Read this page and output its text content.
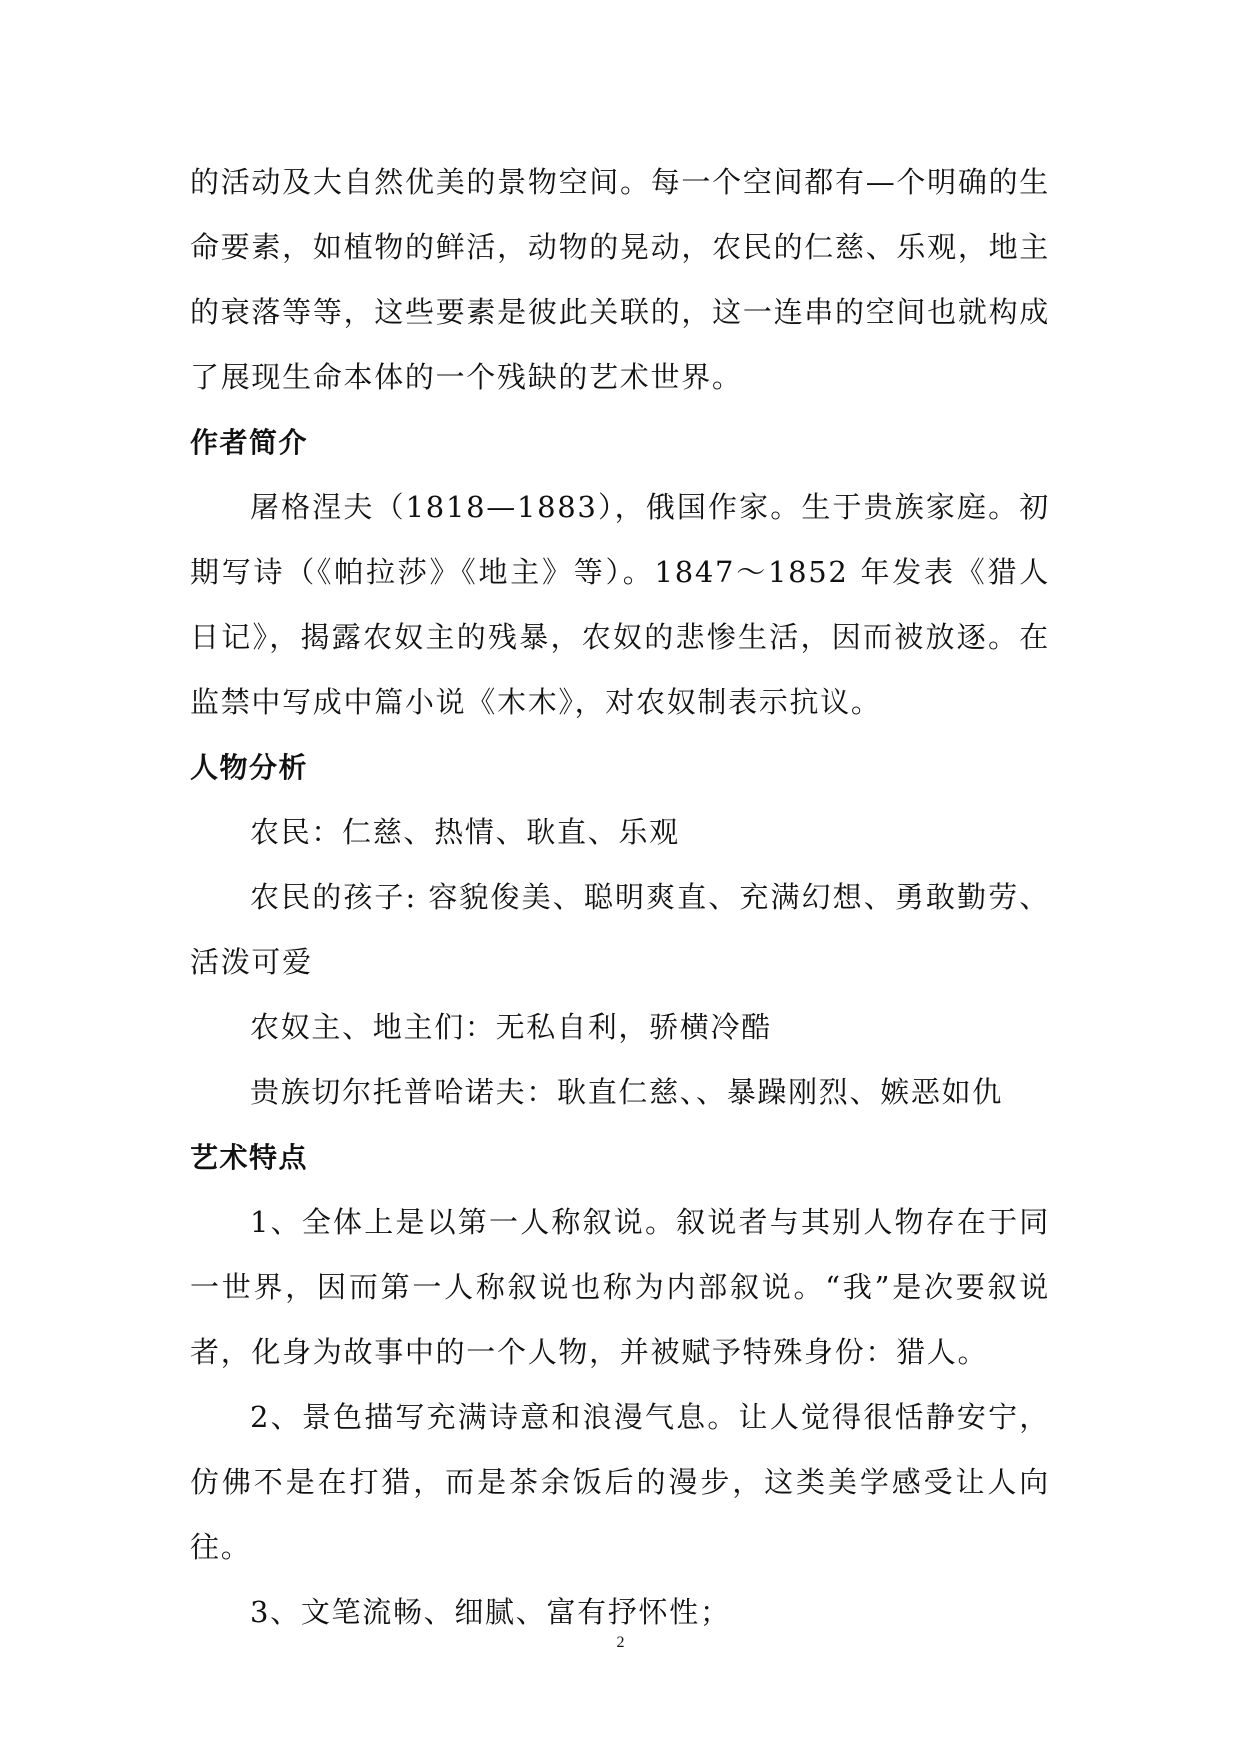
的活动及大自然优美的景物空间。每一个空间都有—个明确的生命要素，如植物的鲜活，动物的晃动，农民的仁慈、乐观，地主的衰落等等，这些要素是彼此关联的，这一连串的空间也就构成了展现生命本体的一个残缺的艺术世界。

作者简介

屠格涅夫（1818—1883），俄国作家。生于贵族家庭。初期写诗（《帕拉莎》《地主》等）。1847～1852 年发表《猎人日记》，揭露农奴主的残暴，农奴的悲惨生活，因而被放逐。在监禁中写成中篇小说《木木》，对农奴制表示抗议。

人物分析

农民：仁慈、热情、耿直、乐观

农民的孩子: 容貌俊美、聪明爽直、充满幻想、勇敢勤劳、活泼可爱

农奴主、地主们：无私自利，骄横冷酷

贵族切尔托普哈诺夫：耿直仁慈、、暴躁刚烈、嫉恶如仇

艺术特点

1、全体上是以第一人称叙说。叙说者与其别人物存在于同一世界，因而第一人称叙说也称为内部叙说。“我”是次要叙说者，化身为故事中的一个人物，并被赋予特殊身份：猎人。

2、景色描写充满诗意和浪漫气息。让人觉得很恬静安宁，仿佛不是在打猎，而是茶余饭后的漫步，这类美学感受让人向往。

3、文笔流畅、细腻、富有抒怀性；

2
